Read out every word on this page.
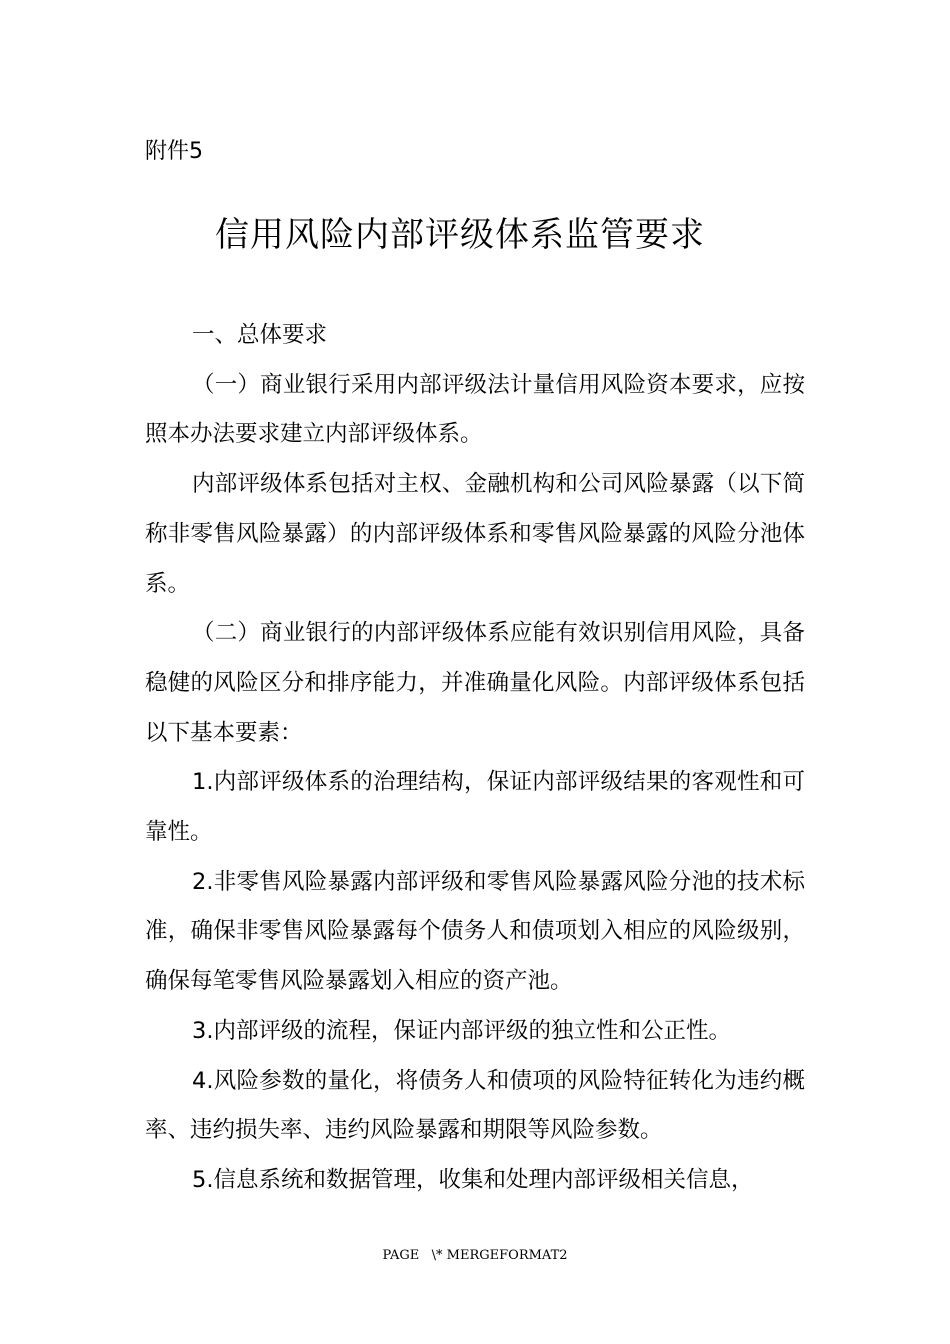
附件5
信用风险内部评级体系监管要求

一、总体要求

（一）商业银行采用内部评级法计量信用风险资本要求，应按照本办法要求建立内部评级体系。

内部评级体系包括对主权、金融机构和公司风险暴露（以下简称非零售风险暴露）的内部评级体系和零售风险暴露的风险分池体系。

（二）商业银行的内部评级体系应能有效识别信用风险，具备稳健的风险区分和排序能力，并准确量化风险。内部评级体系包括以下基本要素：

1.内部评级体系的治理结构，保证内部评级结果的客观性和可靠性。

2.非零售风险暴露内部评级和零售风险暴露风险分池的技术标准，确保非零售风险暴露每个债务人和债项划入相应的风险级别，确保每笔零售风险暴露划入相应的资产池。

3.内部评级的流程，保证内部评级的独立性和公正性。

4.风险参数的量化，将债务人和债项的风险特征转化为违约概率、违约损失率、违约风险暴露和期限等风险参数。

5.信息系统和数据管理，收集和处理内部评级相关信息，

PAGE   \* MERGEFORMAT2
